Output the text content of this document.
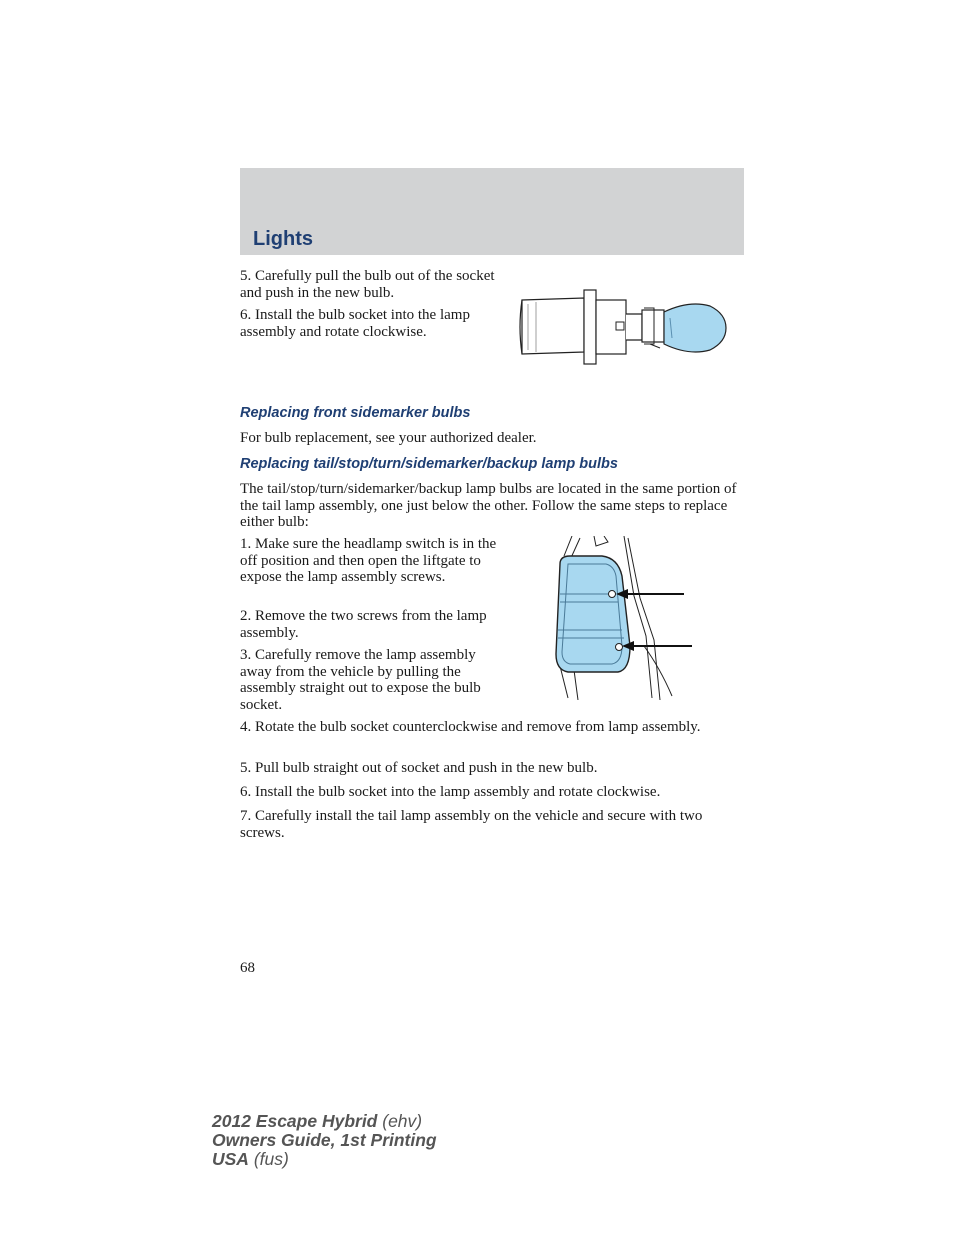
Lights

5. Carefully pull the bulb out of the socket and push in the new bulb.

6. Install the bulb socket into the lamp assembly and rotate clockwise.

Replacing front sidemarker bulbs

For bulb replacement, see your authorized dealer.

Replacing tail/stop/turn/sidemarker/backup lamp bulbs

The tail/stop/turn/sidemarker/backup lamp bulbs are located in the same portion of the tail lamp assembly, one just below the other. Follow the same steps to replace either bulb:

1. Make sure the headlamp switch is in the off position and then open the liftgate to expose the lamp assembly screws.

2. Remove the two screws from the lamp assembly.

3. Carefully remove the lamp assembly away from the vehicle by pulling the assembly straight out to expose the bulb socket.

4. Rotate the bulb socket counterclockwise and remove from lamp assembly.

5. Pull bulb straight out of socket and push in the new bulb.

6. Install the bulb socket into the lamp assembly and rotate clockwise.

7. Carefully install the tail lamp assembly on the vehicle and secure with two screws.

68
2012 Escape Hybrid (ehv)
Owners Guide, 1st Printing
USA (fus)
